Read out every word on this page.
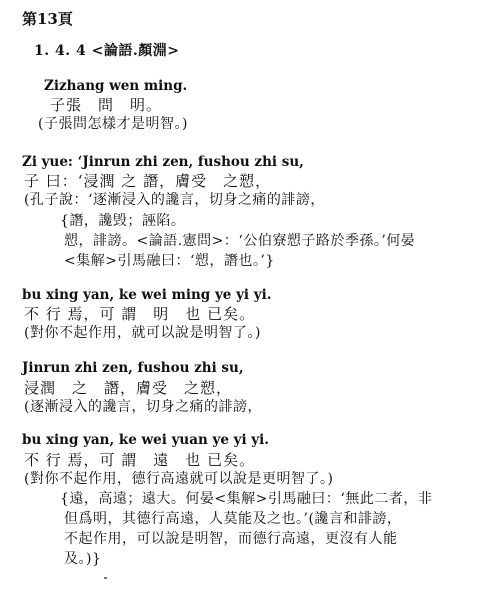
第13頁
1. 4. 4 <論語.顏淵>
Zizhang wen ming.
子張　問　明。
(子張問怎樣才是明智。)
Zi yue: ‘Jinrun zhi zen, fushou zhi su,
子 曰：‘浸潤 之 譖，膚受　之愬，
(孔子說：‘逐漸浸入的讒言，切身之痛的誹謗，
{譖，讒毁；誣陷。
愬，誹謗。<論語.憲問>：‘公伯寮愬子路於季孫。’何晏
<集解>引馬融曰：‘愬，譖也。’}
bu xing yan, ke wei ming ye yi yi.
不 行 焉，可 謂　明　也 已矣。
(對你不起作用，就可以說是明智了。)
Jinrun zhi zen, fushou zhi su,
浸潤　之　譖，膚受　之愬，
(逐漸浸入的讒言，切身之痛的誹謗，
bu xing yan, ke wei yuan ye yi yi.
不 行 焉，可 謂　遠　也 已矣。
(對你不起作用，德行高遠就可以說是更明智了。)
{遠，高遠；遠大。何晏<集解>引馬融曰：‘無此二者，非
但爲明，其德行高遠，人莫能及之也。’(讒言和誹謗，
不起作用，可以說是明智，而德行高遠，更沒有人能
及。)}
